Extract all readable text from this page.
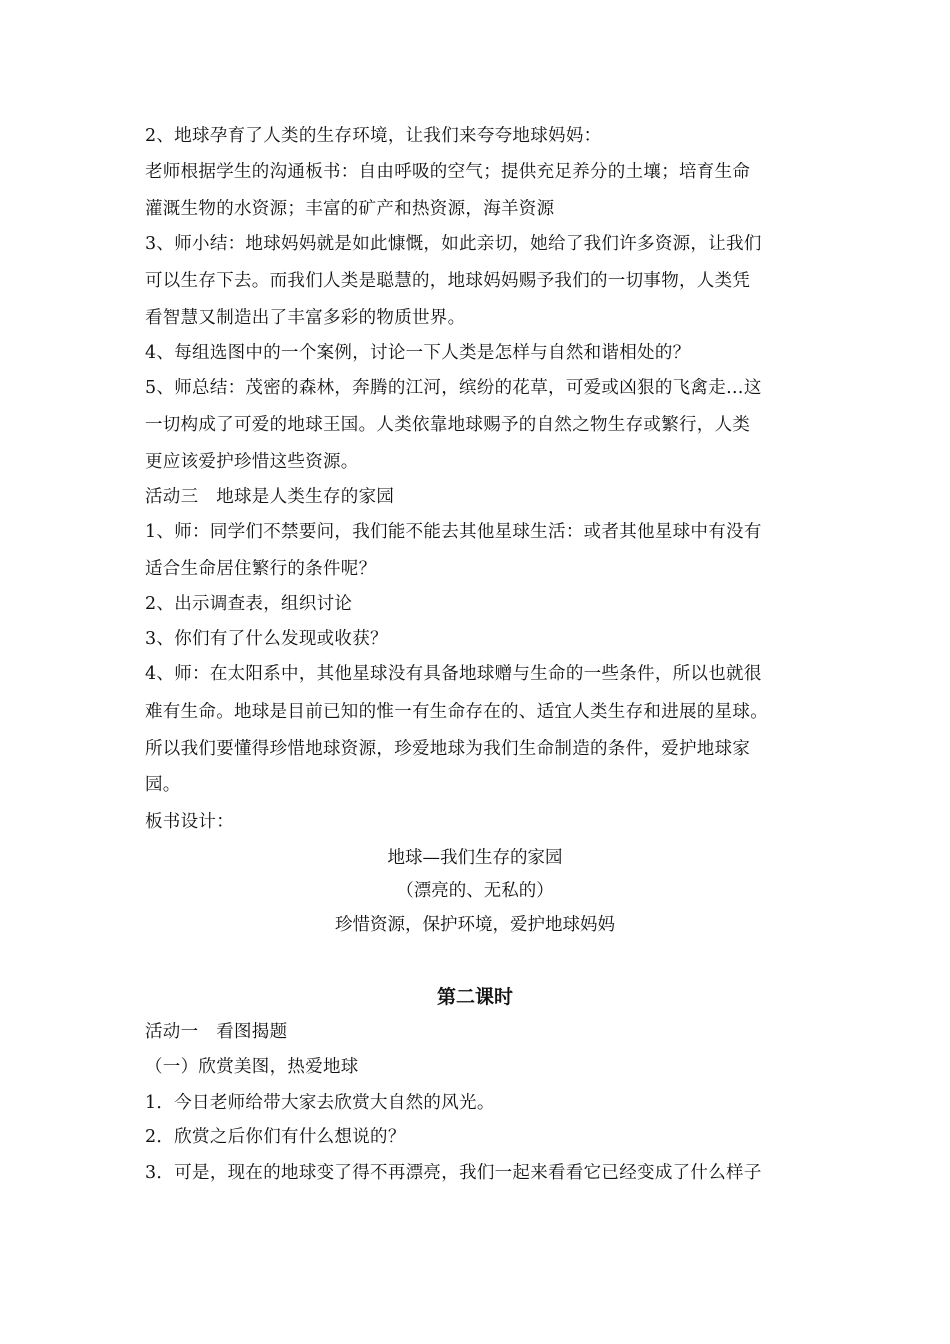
2、地球孕育了人类的生存环境，让我们来夸夸地球妈妈：
老师根据学生的沟通板书：自由呼吸的空气；提供充足养分的土壤；培育生命
灌溉生物的水资源；丰富的矿产和热资源，海羊资源
3、师小结：地球妈妈就是如此慷慨，如此亲切，她给了我们许多资源，让我们
可以生存下去。而我们人类是聪慧的，地球妈妈赐予我们的一切事物，人类凭
看智慧又制造出了丰富多彩的物质世界。
4、每组选图中的一个案例，讨论一下人类是怎样与自然和谐相处的？
5、师总结：茂密的森林，奔腾的江河，缤纷的花草，可爱或凶狠的飞禽走…这
一切构成了可爱的地球王国。人类依靠地球赐予的自然之物生存或繁行，人类
更应该爱护珍惜这些资源。
活动三　地球是人类生存的家园
1、师：同学们不禁要问，我们能不能去其他星球生活：或者其他星球中有没有
适合生命居住繁行的条件呢？
2、出示调查表，组织讨论
3、你们有了什么发现或收获？
4、师：在太阳系中，其他星球没有具备地球赠与生命的一些条件，所以也就很
难有生命。地球是目前已知的惟一有生命存在的、适宜人类生存和进展的星球。
所以我们要懂得珍惜地球资源，珍爱地球为我们生命制造的条件，爱护地球家
园。
板书设计：
地球—我们生存的家园
（漂亮的、无私的）
珍惜资源，保护环境，爱护地球妈妈
第二课时
活动一　看图揭题
（一）欣赏美图，热爱地球
1．今日老师给带大家去欣赏大自然的风光。
2．欣赏之后你们有什么想说的？
3．可是，现在的地球变了得不再漂亮，我们一起来看看它已经变成了什么样子
